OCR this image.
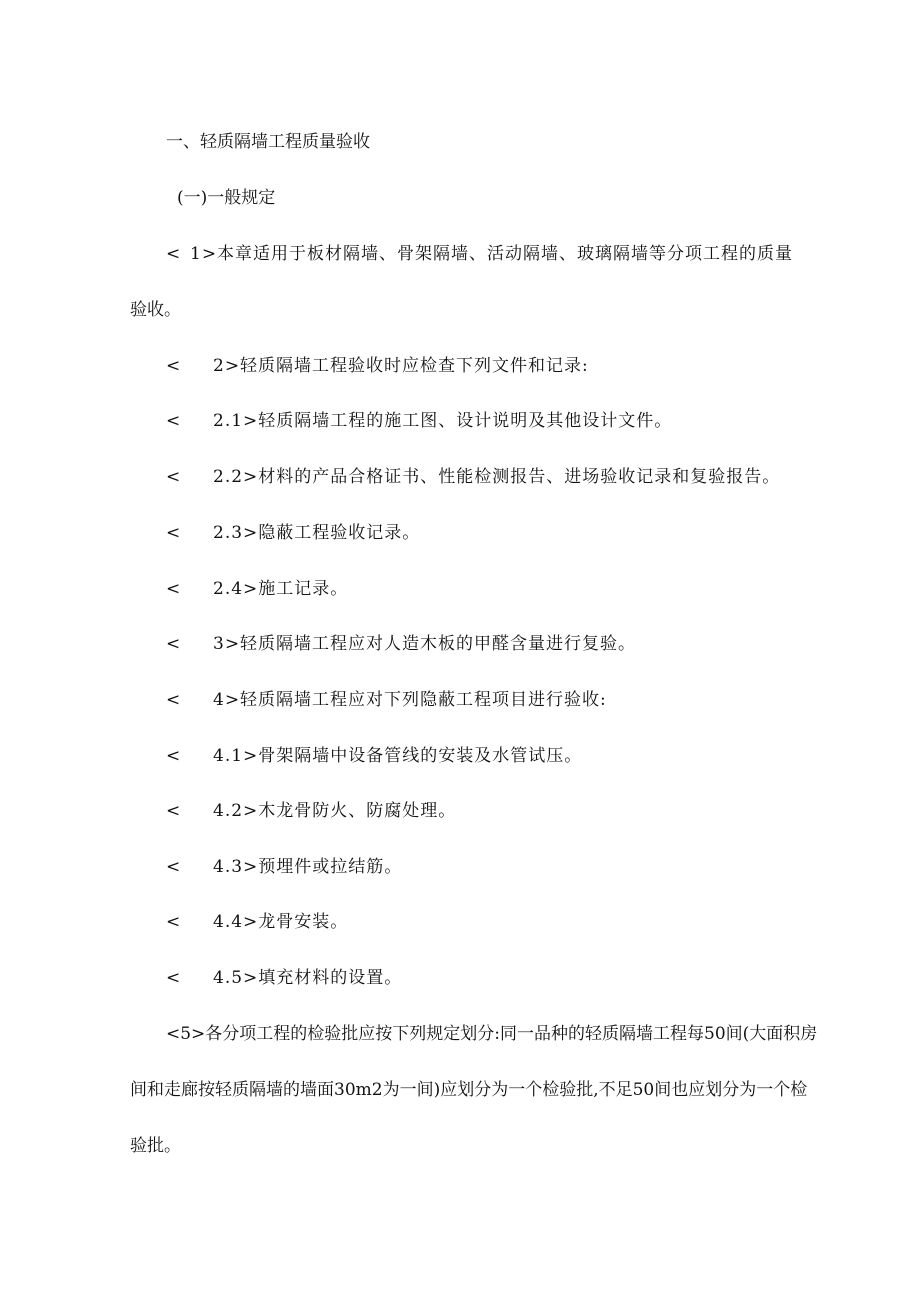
一、轻质隔墙工程质量验收
(一)一般规定
< 1>本章适用于板材隔墙、骨架隔墙、活动隔墙、玻璃隔墙等分项工程的质量
验收。
< 2>轻质隔墙工程验收时应检查下列文件和记录:
< 2.1>轻质隔墙工程的施工图、设计说明及其他设计文件。
< 2.2>材料的产品合格证书、性能检测报告、进场验收记录和复验报告。
< 2.3>隐蔽工程验收记录。
< 2.4>施工记录。
< 3>轻质隔墙工程应对人造木板的甲醛含量进行复验。
< 4>轻质隔墙工程应对下列隐蔽工程项目进行验收:
< 4.1>骨架隔墙中设备管线的安装及水管试压。
< 4.2>木龙骨防火、防腐处理。
< 4.3>预埋件或拉结筋。
< 4.4>龙骨安装。
< 4.5>填充材料的设置。
<5>各分项工程的检验批应按下列规定划分:同一品种的轻质隔墙工程每50间(大面积房间和走廊按轻质隔墙的墙面30m2为一间)应划分为一个检验批,不足50间也应划分为一个检验批。
